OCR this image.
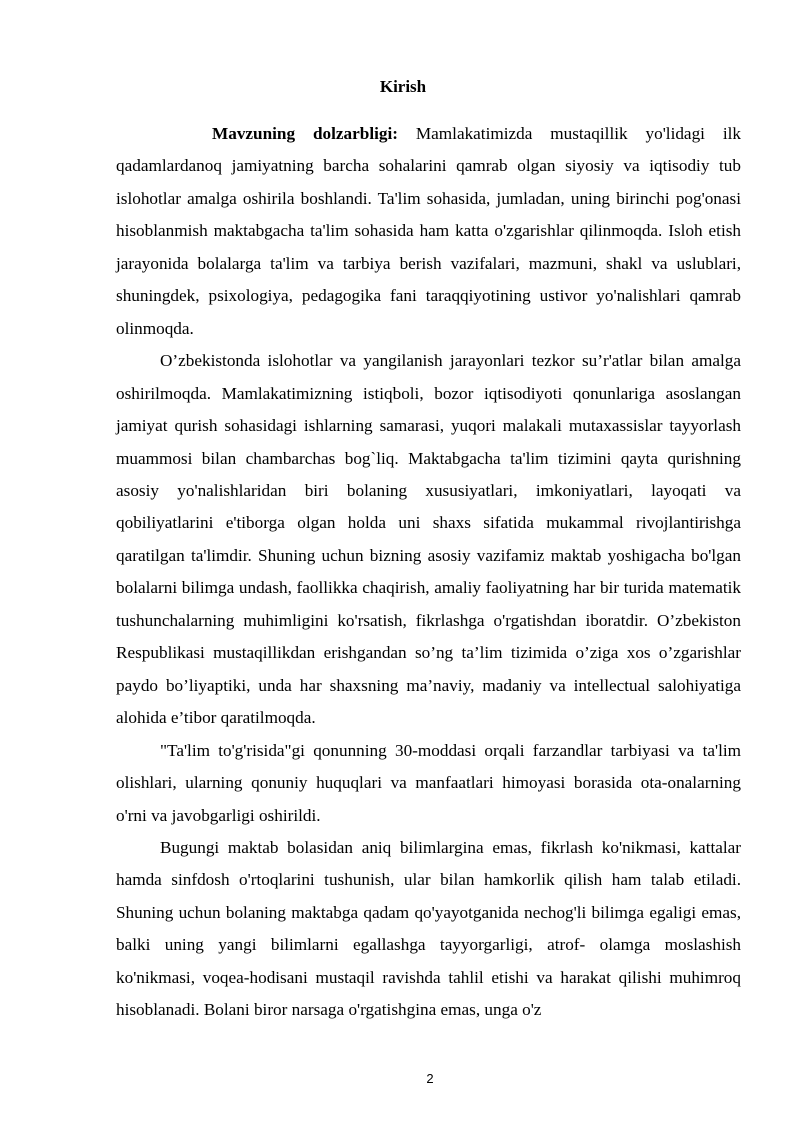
Kirish

Mavzuning dolzarbligi: Mamlakatimizda mustaqillik yo'lidagi ilk qadamlardanoq jamiyatning barcha sohalarini qamrab olgan siyosiy va iqtisodiy tub islohotlar amalga oshirila boshlandi. Ta'lim sohasida, jumladan, uning birinchi pog'onasi hisoblanmish maktabgacha ta'lim sohasida ham katta o'zgarishlar qilinmoqda. Isloh etish jarayonida bolalarga ta'lim va tarbiya berish vazifalari, mazmuni, shakl va uslublari, shuningdek, psixologiya, pedagogika fani taraqqiyotining ustivor yo'nalishlari qamrab olinmoqda.

O’zbekistonda islohotlar va yangilanish jarayonlari tezkor su’r'atlar bilan amalga oshirilmoqda. Mamlakatimizning istiqboli, bozor iqtisodiyoti qonunlariga asoslangan jamiyat qurish sohasidagi ishlarning samarasi, yuqori malakali mutaxassislar tayyorlash muammosi bilan chambarchas bog`liq. Maktabgacha ta'lim tizimini qayta qurishning asosiy yo'nalishlaridan biri bolaning xususiyatlari, imkoniyatlari, layoqati va qobiliyatlarini e'tiborga olgan holda uni shaxs sifatida mukammal rivojlantirishga qaratilgan ta'limdir. Shuning uchun bizning asosiy vazifamiz maktab yoshigacha bo'lgan bolalarni bilimga undash, faollikka chaqirish, amaliy faoliyatning har bir turida matematik tushunchalarning muhimligini ko'rsatish, fikrlashga o'rgatishdan iboratdir. O’zbekiston Respublikasi mustaqillikdan erishgandan so’ng ta’lim tizimida o’ziga xos o’zgarishlar paydo bo’liyaptiki, unda har shaxsning ma’naviy, madaniy va intellectual salohiyatiga alohida e’tibor qaratilmoqda.

"Ta'lim to'g'risida"gi qonunning 30-moddasi orqali farzandlar tarbiyasi va ta'lim olishlari, ularning qonuniy huquqlari va manfaatlari himoyasi borasida ota-onalarning o'rni va javobgarligi oshirildi.

Bugungi maktab bolasidan aniq bilimlargina emas, fikrlash ko'nikmasi, kattalar hamda sinfdosh o'rtoqlarini tushunish, ular bilan hamkorlik qilish ham talab etiladi. Shuning uchun bolaning maktabga qadam qo'yayotganida nechog'li bilimga egaligi emas, balki uning yangi bilimlarni egallashga tayyorgarligi, atrof- olamga moslashish ko'nikmasi, voqea-hodisani mustaqil ravishda tahlil etishi va harakat qilishi muhimroq hisoblanadi. Bolani biror narsaga o'rgatishgina emas, unga o'z

2
